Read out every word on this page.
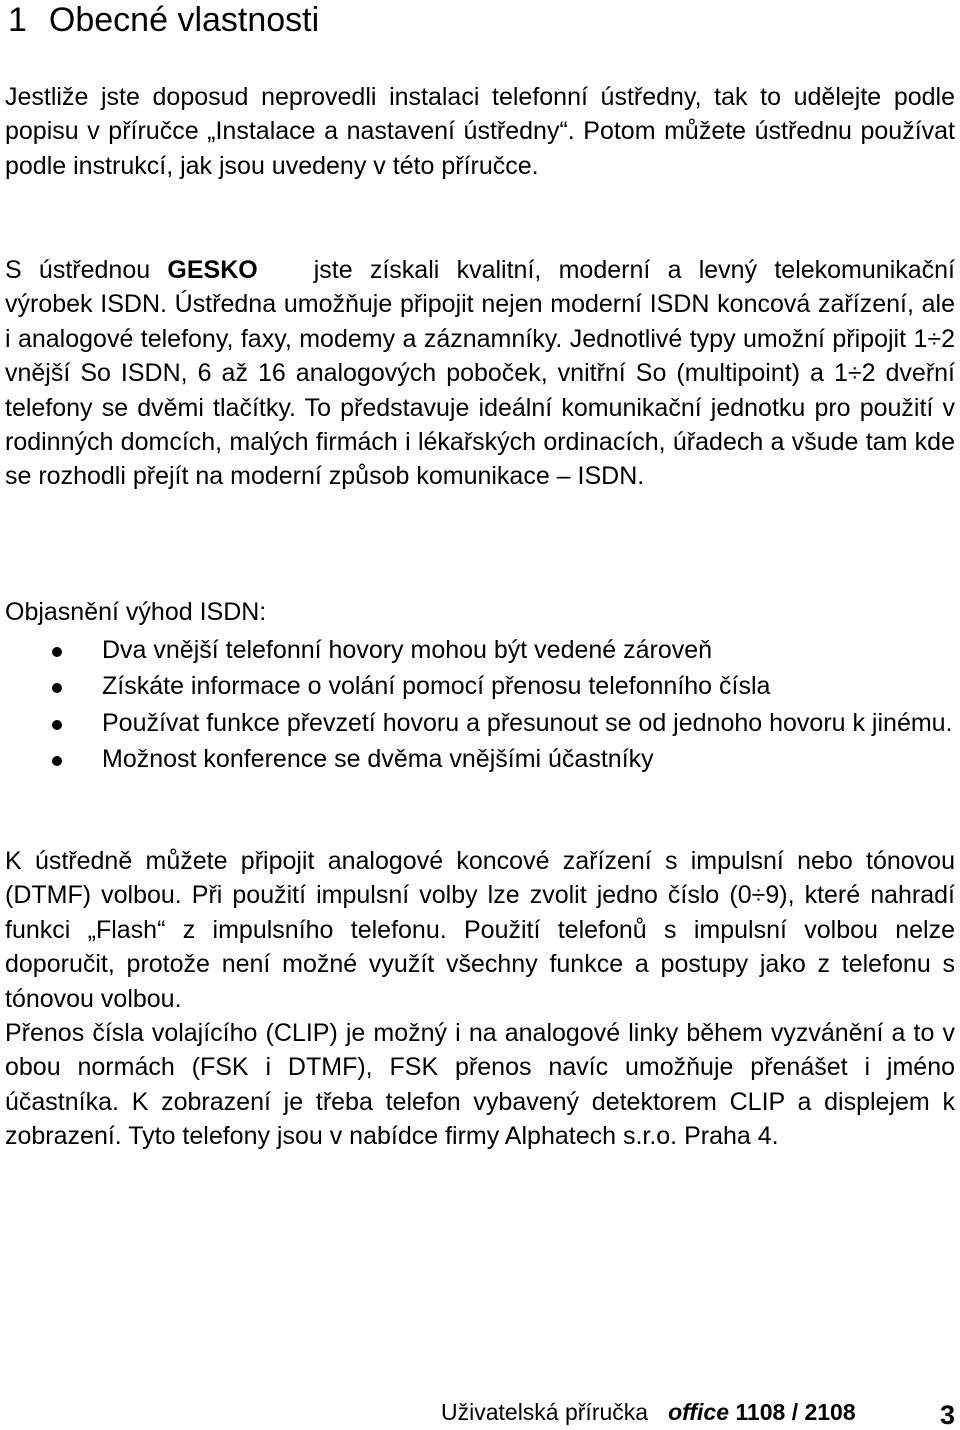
1 Obecné vlastnosti

Jestliže jste doposud neprovedli instalaci telefonní ústředny, tak to udělejte podle popisu v příručce „Instalace a nastavení ústředny“. Potom můžete ústřednu používat podle instrukcí, jak jsou uvedeny v této příručce.

S ústřednou GESKO jste získali kvalitní, moderní a levný telekomunikační výrobek ISDN. Ústředna umožňuje připojit nejen moderní ISDN koncová zařízení, ale i analogové telefony, faxy, modemy a záznamníky. Jednotlivé typy umožní připojit 1÷2 vnější So ISDN, 6 až 16 analogových poboček, vnitřní So (multipoint) a 1÷2 dveřní telefony se dvěmi tlačítky. To představuje ideální komunikační jednotku pro použití v rodinných domcích, malých firmách i lékařských ordinacích, úřadech a všude tam kde se rozhodli přejít na moderní způsob komunikace – ISDN.

Objasnění výhod ISDN:

Dva vnější telefonní hovory mohou být vedené zároveň
Získáte informace o volání pomocí přenosu telefonního čísla
Používat funkce převzetí hovoru a přesunout se od jednoho hovoru k jinému.
Možnost konference se dvěma vnějšími účastníky

K ústředně můžete připojit analogové koncové zařízení s impulsní nebo tónovou (DTMF) volbou. Při použití impulsní volby lze zvolit jedno číslo (0÷9), které nahradí funkci „Flash“ z impulsního telefonu. Použití telefonů s impulsní volbou nelze doporučit, protože není možné využít všechny funkce a postupy jako z telefonu s tónovou volbou.

Přenos čísla volajícího (CLIP) je možný i na analogové linky během vyzvánění a to v obou normách (FSK i DTMF), FSK přenos navíc umožňuje přenášet i jméno účastníka. K zobrazení je třeba telefon vybavený detektorem CLIP a displejem k zobrazení. Tyto telefony jsou v nabídce firmy Alphatech s.r.o. Praha 4.

Uživatelská příručka office 1108 / 2108	3
